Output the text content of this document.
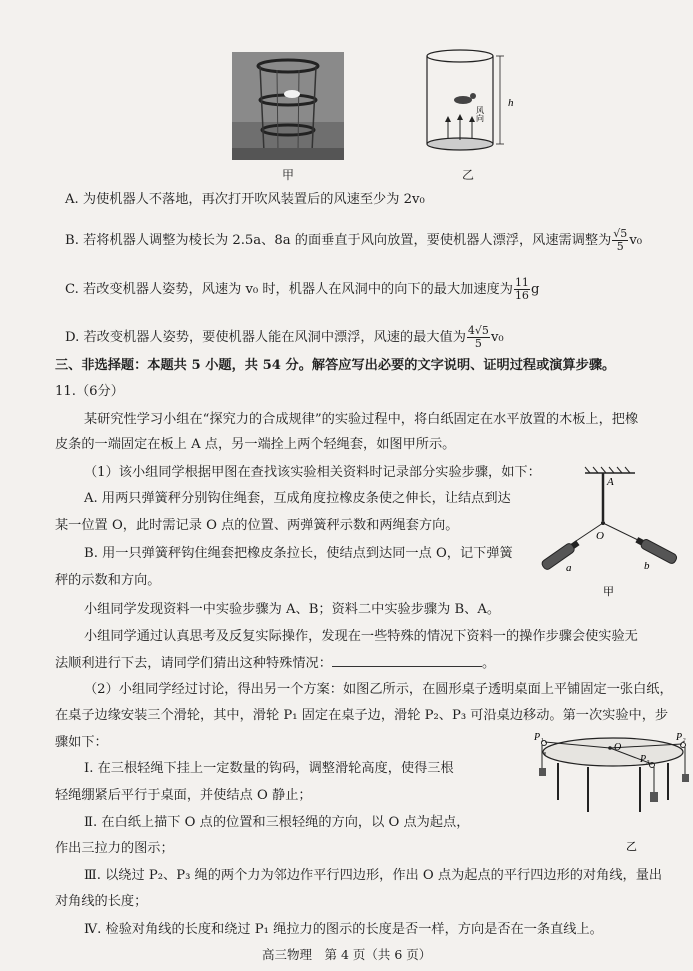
甲
h
风向
乙
A. 为使机器人不落地，再次打开吹风装置后的风速至少为 2v₀
B. 若将机器人调整为棱长为 2.5a、8a 的面垂直于风向放置，要使机器人漂浮，风速需调整为 $\frac{√5}{5} v_0$
C. 若改变机器人姿势，风速为 v₀ 时，机器人在风洞中的向下的最大加速度为 $\frac{11}{16}$ g
D. 若改变机器人姿势，要使机器人能在风洞中漂浮，风速的最大值为 $\frac{4√5}{5} v_0$
三、非选择题：本题共 5 小题，共 54 分。解答应写出必要的文字说明、证明过程或演算步骤。
11.（6分）
某研究性学习小组在“探究力的合成规律”的实验过程中，将白纸固定在水平放置的木板上，把橡
皮条的一端固定在板上 A 点，另一端拴上两个轻绳套，如图甲所示。
（1）该小组同学根据甲图在查找该实验相关资料时记录部分实验步骤，如下：
A. 用两只弹簧秤分别钩住绳套，互成角度拉橡皮条使之伸长，让结点到达
某一位置 O，此时需记录 O 点的位置、两弹簧秤示数和两绳套方向。
B. 用一只弹簧秤钩住绳套把橡皮条拉长，使结点到达同一点 O，记下弹簧
秤的示数和方向。
小组同学发现资料一中实验步骤为 A、B；资料二中实验步骤为 B、A。
小组同学通过认真思考及反复实际操作，发现在一些特殊的情况下资料一的操作步骤会使实验无
法顺利进行下去，请同学们猜出这种特殊情况：	。
（2）小组同学经过讨论，得出另一个方案：如图乙所示，在圆形桌子透明桌面上平铺固定一张白纸，
在桌子边缘安装三个滑轮，其中，滑轮 P₁ 固定在桌子边，滑轮 P₂、P₃ 可沿桌边移动。第一次实验中，步
骤如下：
Ⅰ. 在三根轻绳下挂上一定数量的钩码，调整滑轮高度，使得三根
轻绳绷紧后平行于桌面，并使结点 O 静止；
Ⅱ. 在白纸上描下 O 点的位置和三根轻绳的方向，以 O 点为起点，
作出三拉力的图示；
Ⅲ. 以绕过 P₂、P₃ 绳的两个力为邻边作平行四边形，作出 O 点为起点的平行四边形的对角线，量出
对角线的长度；
Ⅳ. 检验对角线的长度和绕过 P₁ 绳拉力的图示的长度是否一样，方向是否在一条直线上。
A
O
a	b
甲
O
P₁	P₂
P₃
乙
高三物理　第 4 页（共 6 页）
